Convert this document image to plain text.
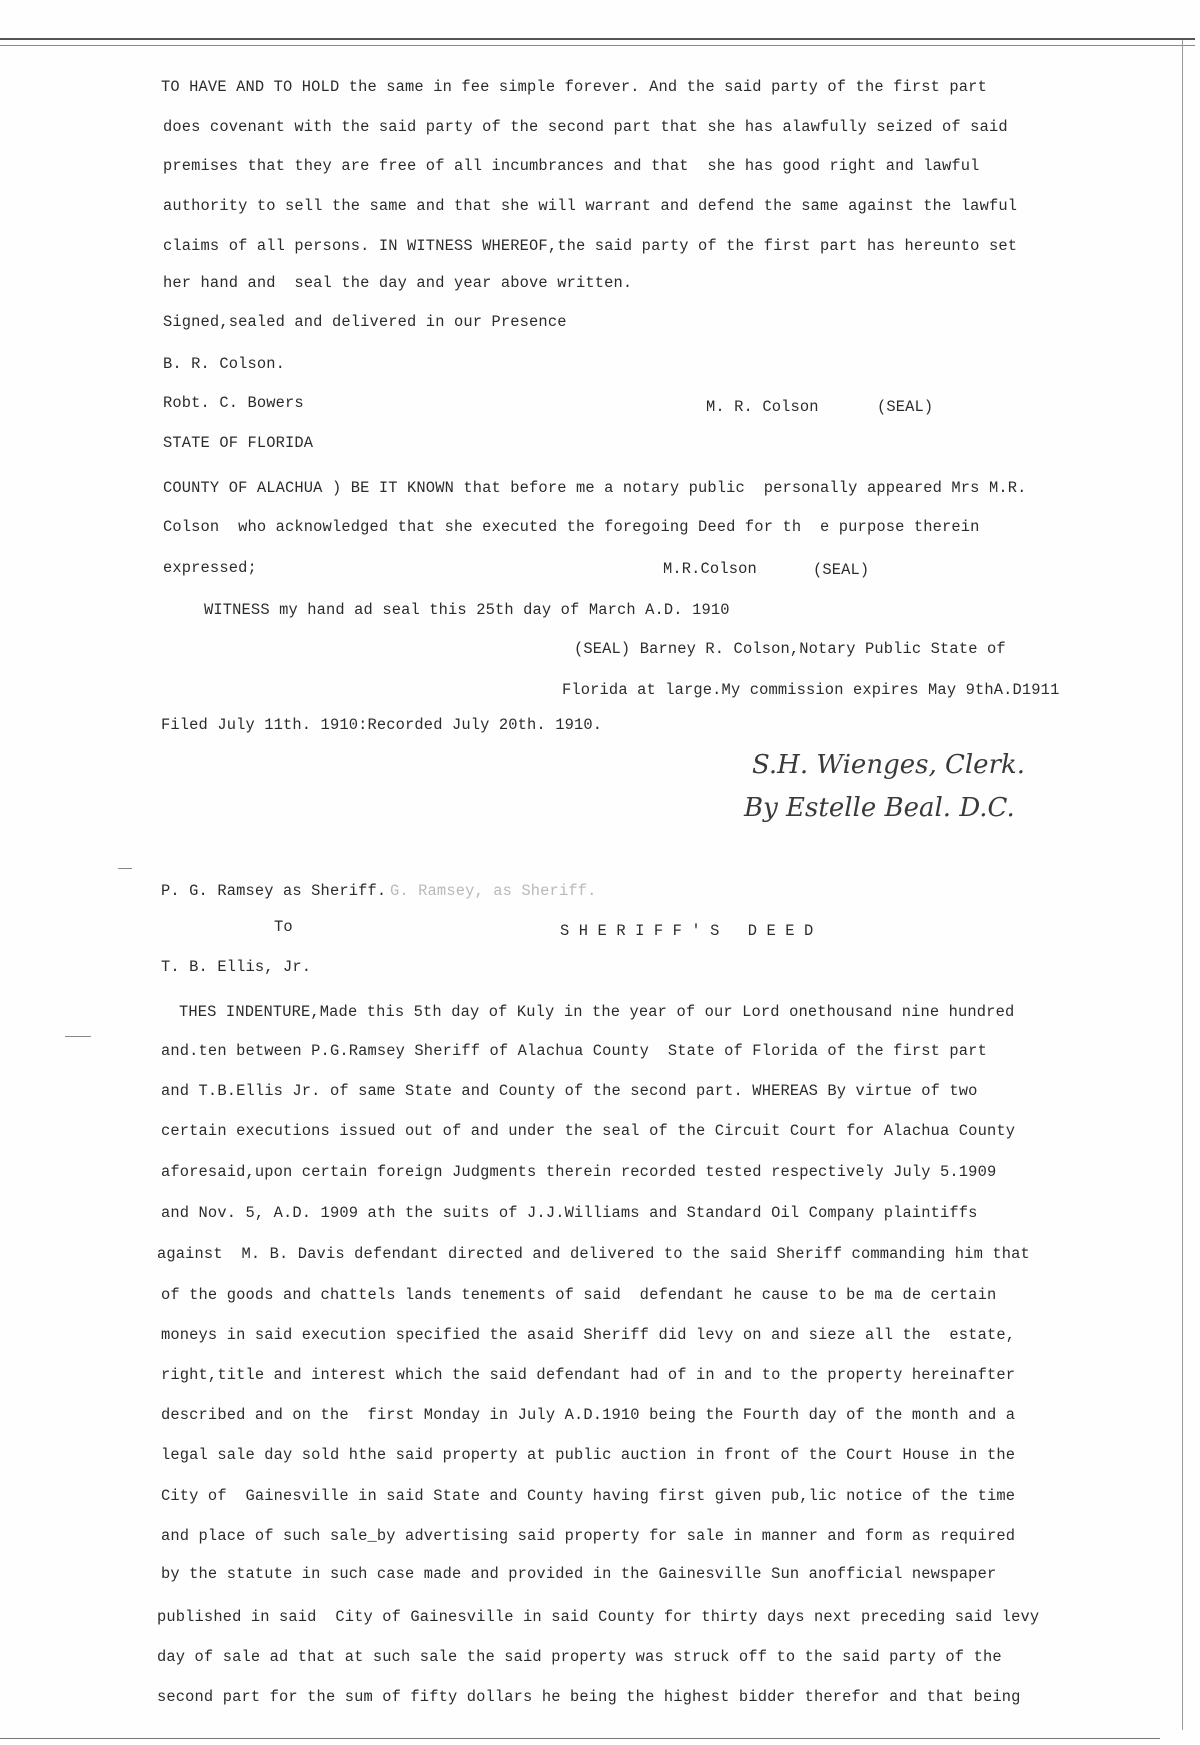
TO HAVE AND TO HOLD the same in fee simple forever. And the said party of the first part
does covenant with the said party of the second part that she has alawfully seized of said
premises that they are free of all incumbrances and that  she has good right and lawful
authority to sell the same and that she will warrant and defend the same against the lawful
claims of all persons. IN WITNESS WHEREOF,the said party of the first part has hereunto set
her hand and  seal the day and year above written.
Signed,sealed and delivered in our Presence
B. R. Colson.
Robt. C. Bowers	M. R. Colson	(SEAL)
STATE OF FLORIDA
COUNTY OF ALACHUA ) BE IT KNOWN that before me a notary public  personally appeared Mrs M.R.
Colson  who acknowledged that she executed the foregoing Deed for th  e purpose therein
expressed;	M.R.Colson	(SEAL)
WITNESS my hand ad seal this 25th day of March A.D. 1910
(SEAL) Barney R. Colson,Notary Public State of
Florida at large.My commission expires May 9thA.D1911
Filed July 11th. 1910:Recorded July 20th. 1910.
S.H. Wienges, Clerk.
By Estelle Beal. D.C.
P. G. Ramsey as Sheriff. G. Ramsey, as Sheriff.
To	S H E R I F F ' S   D E E D
T. B. Ellis, Jr.
THES INDENTURE,Made this 5th day of Kuly in the year of our Lord onethousand nine hundred
and.ten between P.G.Ramsey Sheriff of Alachua County  State of Florida of the first part
and T.B.Ellis Jr. of same State and County of the second part. WHEREAS By virtue of two
certain executions issued out of and under the seal of the Circuit Court for Alachua County
aforesaid,upon certain foreign Judgments therein recorded tested respectively July 5.1909
and Nov. 5, A.D. 1909 ath the suits of J.J.Williams and Standard Oil Company plaintiffs
against  M. B. Davis defendant directed and delivered to the said Sheriff commanding him that
of the goods and chattels lands tenements of said  defendant he cause to be ma de certain
moneys in said execution specified the asaid Sheriff did levy on and sieze all the  estate,
right,title and interest which the said defendant had of in and to the property hereinafter
described and on the  first Monday in July A.D.1910 being the Fourth day of the month and a
legal sale day sold hthe said property at public auction in front of the Court House in the
City of  Gainesville in said State and County having first given pub,lic notice of the time
and place of such sale_by advertising said property for sale in manner and form as required
by the statute in such case made and provided in the Gainesville Sun anofficial newspaper
published in said  City of Gainesville in said County for thirty days next preceding said levy
day of sale ad that at such sale the said property was struck off to the said party of the
second part for the sum of fifty dollars he being the highest bidder therefor and that being
